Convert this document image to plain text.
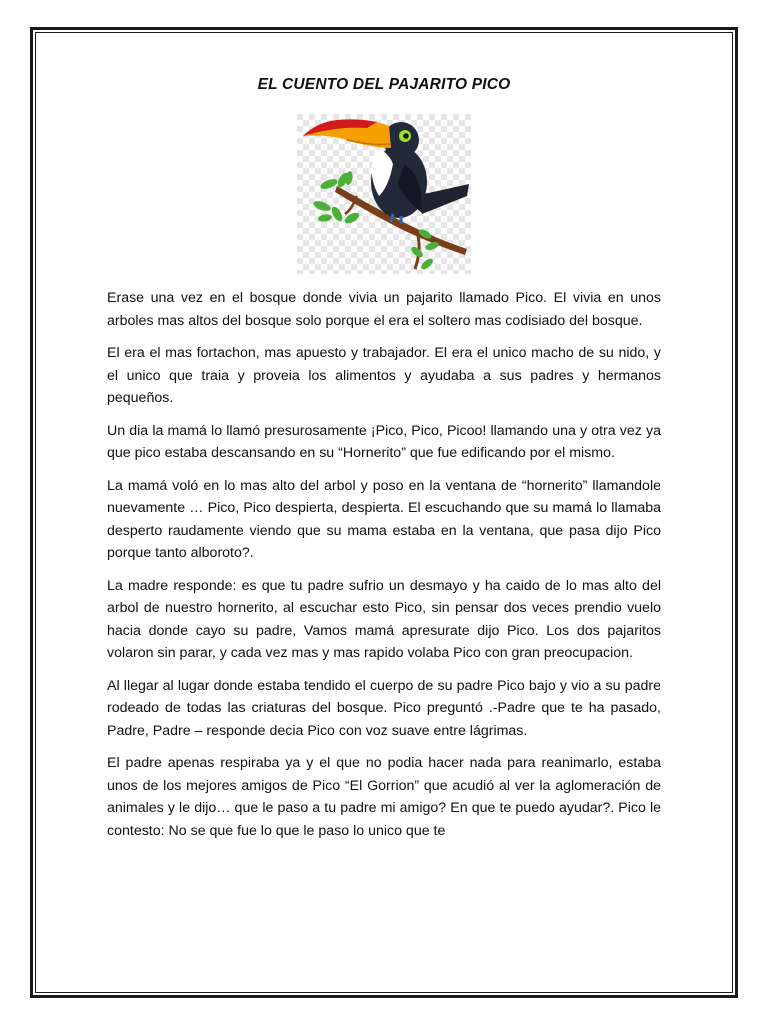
EL CUENTO DEL PAJARITO PICO

Erase una vez en el bosque donde vivia un pajarito llamado Pico. El vivia en unos arboles mas altos del bosque solo porque el era el soltero mas codisiado del bosque.

El era el mas fortachon, mas apuesto y trabajador. El era el unico macho de su nido, y el unico que traia y proveia los alimentos y ayudaba a sus padres y hermanos pequeños.

Un dia la mamá lo llamó presurosamente ¡Pico, Pico, Picoo! llamando una y otra vez ya que pico estaba descansando en su “Hornerito” que fue edificando por el mismo.

La mamá voló en lo mas alto del arbol y poso en la ventana de “hornerito” llamandole nuevamente … Pico, Pico despierta, despierta. El escuchando que su mamá lo llamaba desperto raudamente viendo que su mama estaba en la ventana, que pasa dijo Pico porque tanto alboroto?.

La madre responde: es que tu padre sufrio un desmayo y ha caido de lo mas alto del arbol de nuestro hornerito, al escuchar esto Pico, sin pensar dos veces prendio vuelo hacia donde cayo su padre, Vamos mamá apresurate dijo Pico. Los dos pajaritos volaron sin parar, y cada vez mas y mas rapido volaba Pico con gran preocupacion.

Al llegar al lugar donde estaba tendido el cuerpo de su padre Pico bajo y vio a su padre rodeado de todas las criaturas del bosque. Pico preguntó .-Padre que te ha pasado, Padre, Padre – responde decia Pico con voz suave entre lágrimas.

El padre apenas respiraba ya y el que no podia hacer nada para reanimarlo, estaba unos de los mejores amigos de Pico “El Gorrion” que acudió al ver la aglomeración de animales y le dijo… que le paso a tu padre mi amigo? En que te puedo ayudar?. Pico le contesto: No se que fue lo que le paso lo unico que te
